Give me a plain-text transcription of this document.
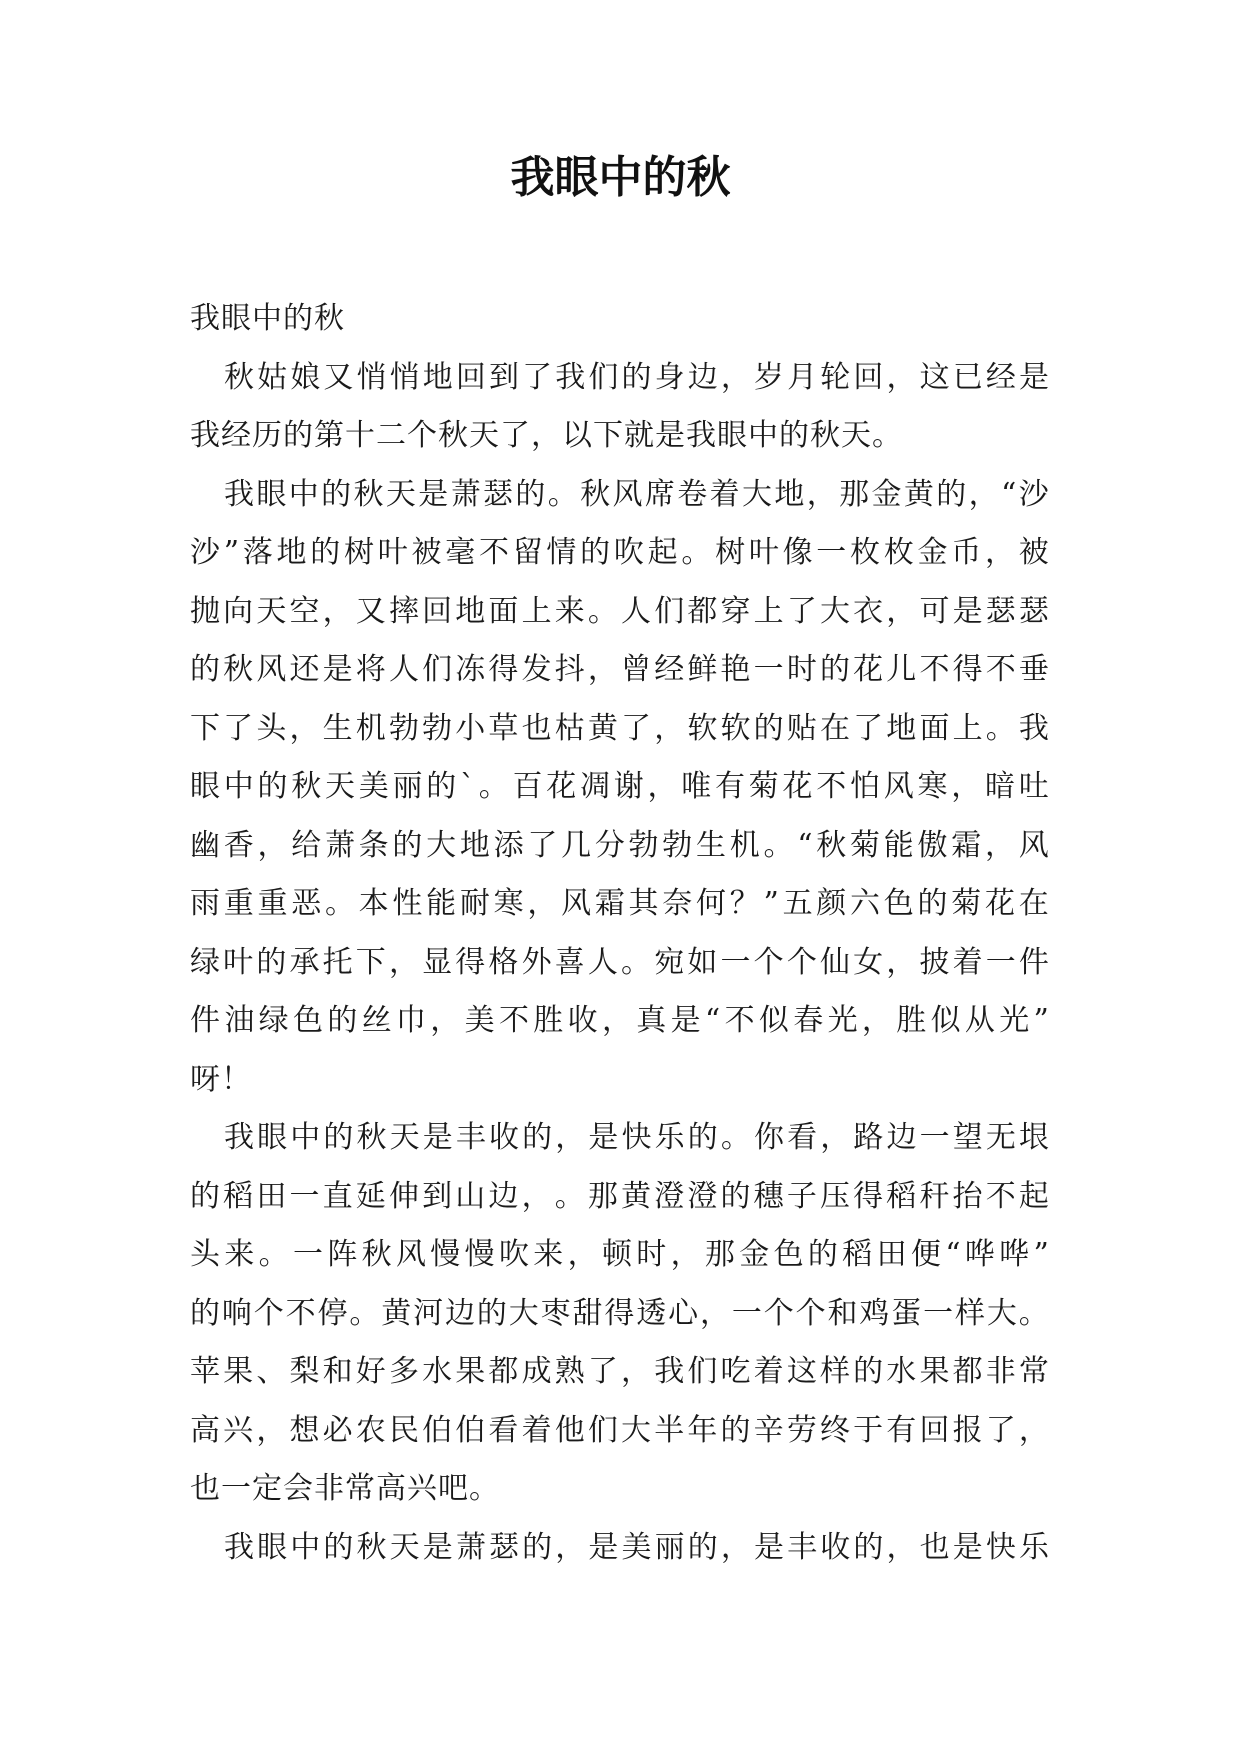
我眼中的秋
我眼中的秋
秋 姑 娘 又 悄 悄 地 回 到 了 我 们 的 身 边 ， 岁 月 轮 回 ， 这 已 经 是
我经历的第十二个秋天了，以下就是我眼中的秋天。
我 眼 中 的 秋 天 是 萧 瑟 的 。 秋 风 席 卷 着 大 地 ， 那 金 黄 的 ， “ 沙
沙 ” 落 地 的 树 叶 被 毫 不 留 情 的 吹 起 。 树 叶 像 一 枚 枚 金 币 ， 被
抛 向 天 空 ， 又 摔 回 地 面 上 来 。 人 们 都 穿 上 了 大 衣 ， 可 是 瑟 瑟
的 秋 风 还 是 将 人 们 冻 得 发 抖 ， 曾 经 鲜 艳 一 时 的 花 儿 不 得 不 垂
下 了 头 ， 生 机 勃 勃 小 草 也 枯 黄 了 ， 软 软 的 贴 在 了 地 面 上 。 我
眼 中 的 秋 天 美 丽 的 ` 。 百 花 凋 谢 ， 唯 有 菊 花 不 怕 风 寒 ， 暗 吐
幽 香 ， 给 萧 条 的 大 地 添 了 几 分 勃 勃 生 机 。 “ 秋 菊 能 傲 霜 ， 风
雨 重 重 恶 。 本 性 能 耐 寒 ， 风 霜 其 奈 何 ？ ” 五 颜 六 色 的 菊 花 在
绿 叶 的 承 托 下 ， 显 得 格 外 喜 人 。 宛 如 一 个 个 仙 女 ， 披 着 一 件
件 油 绿 色 的 丝 巾 ， 美 不 胜 收 ， 真 是 “ 不 似 春 光 ， 胜 似 从 光 ”
呀！
我 眼 中 的 秋 天 是 丰 收 的 ， 是 快 乐 的 。 你 看 ， 路 边 一 望 无 垠
的 稻 田 一 直 延 伸 到 山 边 ， 。 那 黄 澄 澄 的 穗 子 压 得 稻 秆 抬 不 起
头 来 。 一 阵 秋 风 慢 慢 吹 来 ， 顿 时 ， 那 金 色 的 稻 田 便 “ 哗 哗 ”
的 响 个 不 停 。 黄 河 边 的 大 枣 甜 得 透 心 ， 一 个 个 和 鸡 蛋 一 样 大 。
苹 果 、 梨 和 好 多 水 果 都 成 熟 了 ， 我 们 吃 着 这 样 的 水 果 都 非 常
高 兴 ， 想 必 农 民 伯 伯 看 着 他 们 大 半 年 的 辛 劳 终 于 有 回 报 了 ，
也一定会非常高兴吧。
我 眼 中 的 秋 天 是 萧 瑟 的 ， 是 美 丽 的 ， 是 丰 收 的 ， 也 是 快 乐
